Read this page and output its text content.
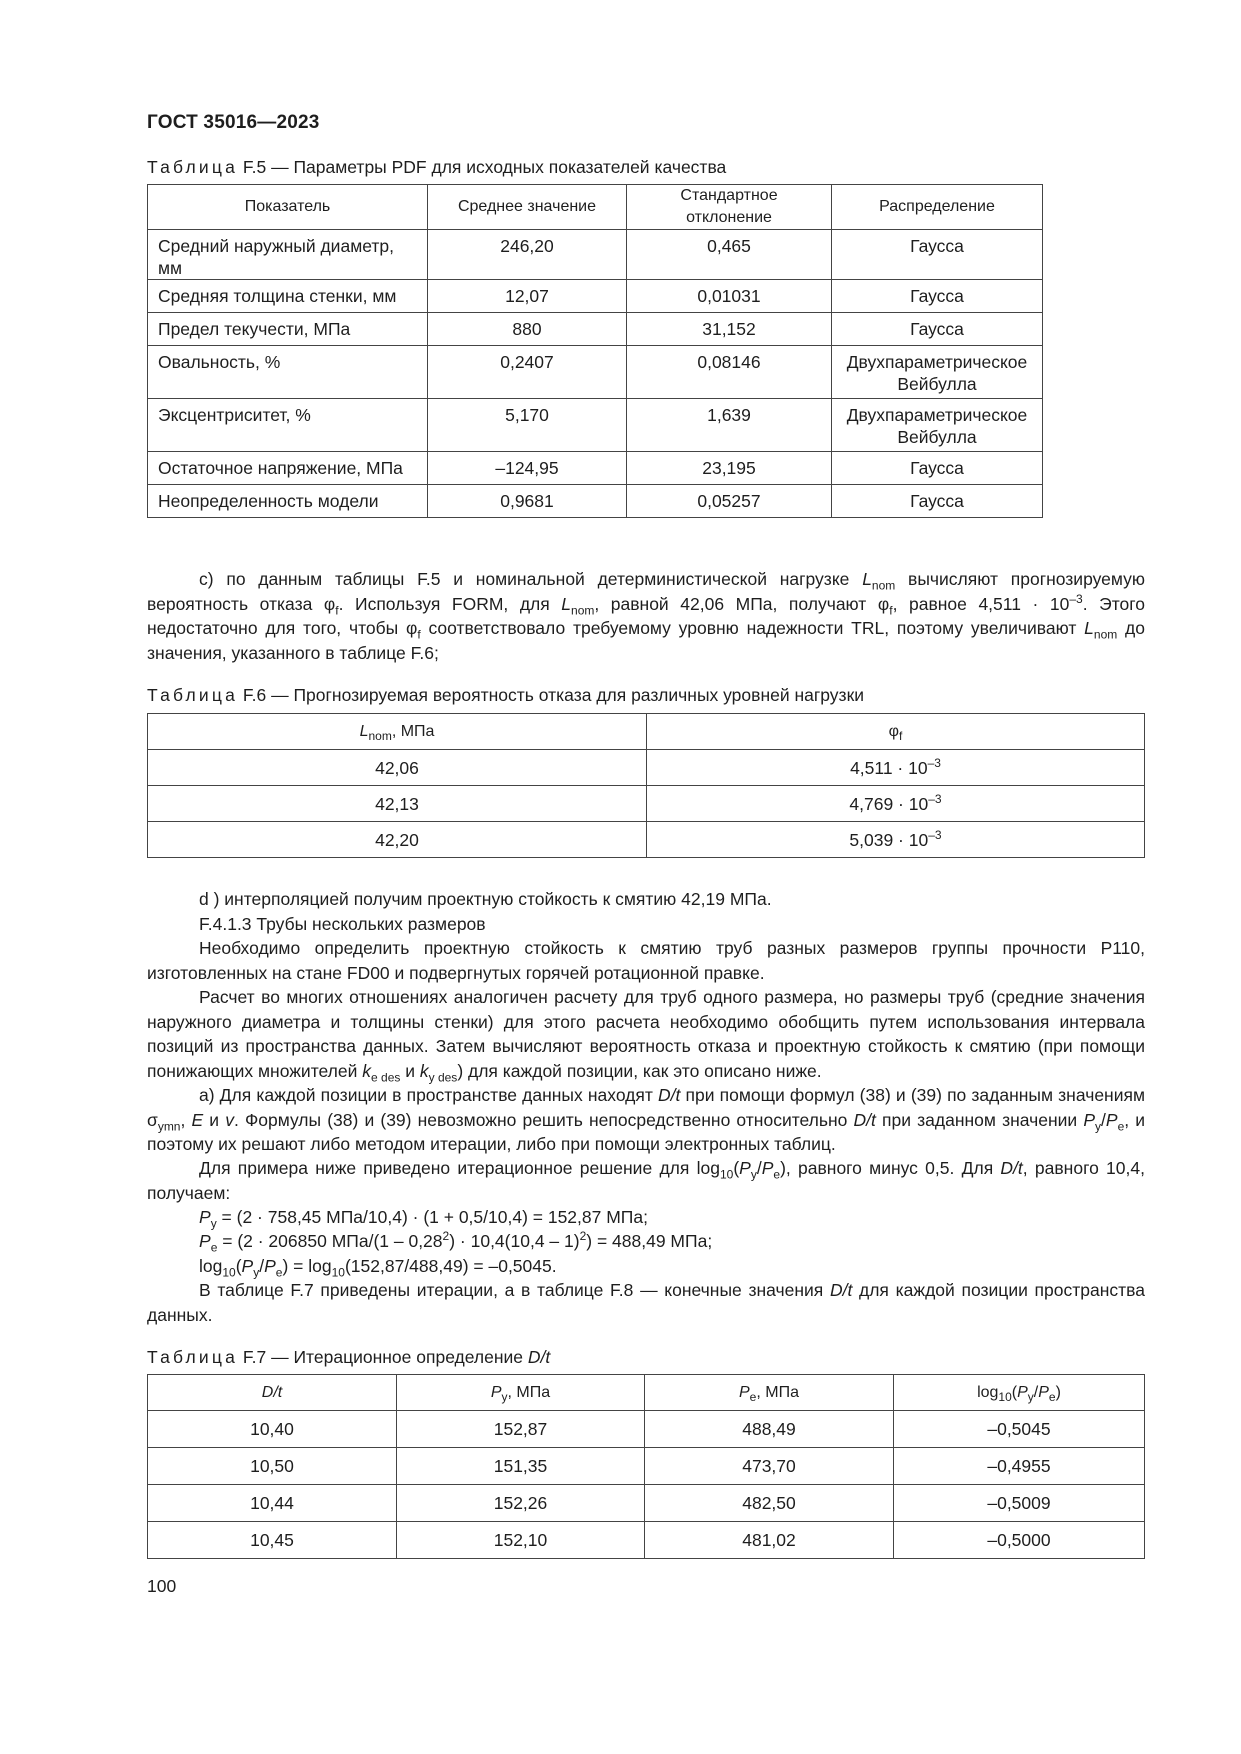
ГОСТ 35016—2023
Таблица F.5 — Параметры PDF для исходных показателей качества
Показатель	Среднее значение	Стандартное отклонение	Распределение
Средний наружный диаметр, мм	246,20	0,465	Гаусса
Средняя толщина стенки, мм	12,07	0,01031	Гаусса
Предел текучести, МПа	880	31,152	Гаусса
Овальность, %	0,2407	0,08146	Двухпараметрическое Вейбулла
Эксцентриситет, %	5,170	1,639	Двухпараметрическое Вейбулла
Остаточное напряжение, МПа	–124,95	23,195	Гаусса
Неопределенность модели	0,9681	0,05257	Гаусса
c) по данным таблицы F.5 и номинальной детерминистической нагрузке $L_{nom}$ вычисляют прогнозируемую вероятность отказа $\varphi_f$. Используя FORM, для $L_{nom}$, равной 42,06 МПа, получают $\varphi_f$, равное $4,511 \cdot 10^{-3}$. Этого недостаточно для того, чтобы $\varphi_f$ соответствовало требуемому уровню надежности TRL, поэтому увеличивают $L_{nom}$ до значения, указанного в таблице F.6;
Таблица F.6 — Прогнозируемая вероятность отказа для различных уровней нагрузки
$L_{nom}$, МПа	$\varphi_f$
42,06	$4,511 \cdot 10^{-3}$
42,13	$4,769 \cdot 10^{-3}$
42,20	$5,039 \cdot 10^{-3}$
d ) интерполяцией получим проектную стойкость к смятию 42,19 МПа.
F.4.1.3 Трубы нескольких размеров
Необходимо определить проектную стойкость к смятию труб разных размеров группы прочности P110, изготовленных на стане FD00 и подвергнутых горячей ротационной правке.
Расчет во многих отношениях аналогичен расчету для труб одного размера, но размеры труб (средние значения наружного диаметра и толщины стенки) для этого расчета необходимо обобщить путем использования интервала позиций из пространства данных. Затем вычисляют вероятность отказа и проектную стойкость к смятию (при помощи понижающих множителей $k_{e des}$ и $k_{y des}$) для каждой позиции, как это описано ниже.
a) Для каждой позиции в пространстве данных находят D/t при помощи формул (38) и (39) по заданным значениям $\sigma_{ymn}$, E и v. Формулы (38) и (39) невозможно решить непосредственно относительно D/t при заданном значении $P_y/P_e$, и поэтому их решают либо методом итерации, либо при помощи электронных таблиц.
Для примера ниже приведено итерационное решение для $\log_{10}(P_y/P_e)$, равного минус 0,5. Для D/t, равного 10,4, получаем:
$P_y = (2 \cdot 758,45$ МПа/10,4) · (1 + 0,5/10,4) = 152,87 МПа;
$P_e = (2 \cdot 206850$ $МПа/(1 - 0,28^2) \cdot 10,4(10,4 - 1)^2) = 488,49$ МПа;
$\log_{10}(P_y/P_e) = \log_{10}(152,87/488,49) = -0,5045$.
В таблице F.7 приведены итерации, а в таблице F.8 — конечные значения D/t для каждой позиции пространства данных.
Таблица F.7 — Итерационное определение D/t
D/t	$P_y$, МПа	$P_e$, МПа	$\log_{10}(P_y/P_e)$
10,40	152,87	488,49	–0,5045
10,50	151,35	473,70	–0,4955
10,44	152,26	482,50	–0,5009
10,45	152,10	481,02	–0,5000
100
